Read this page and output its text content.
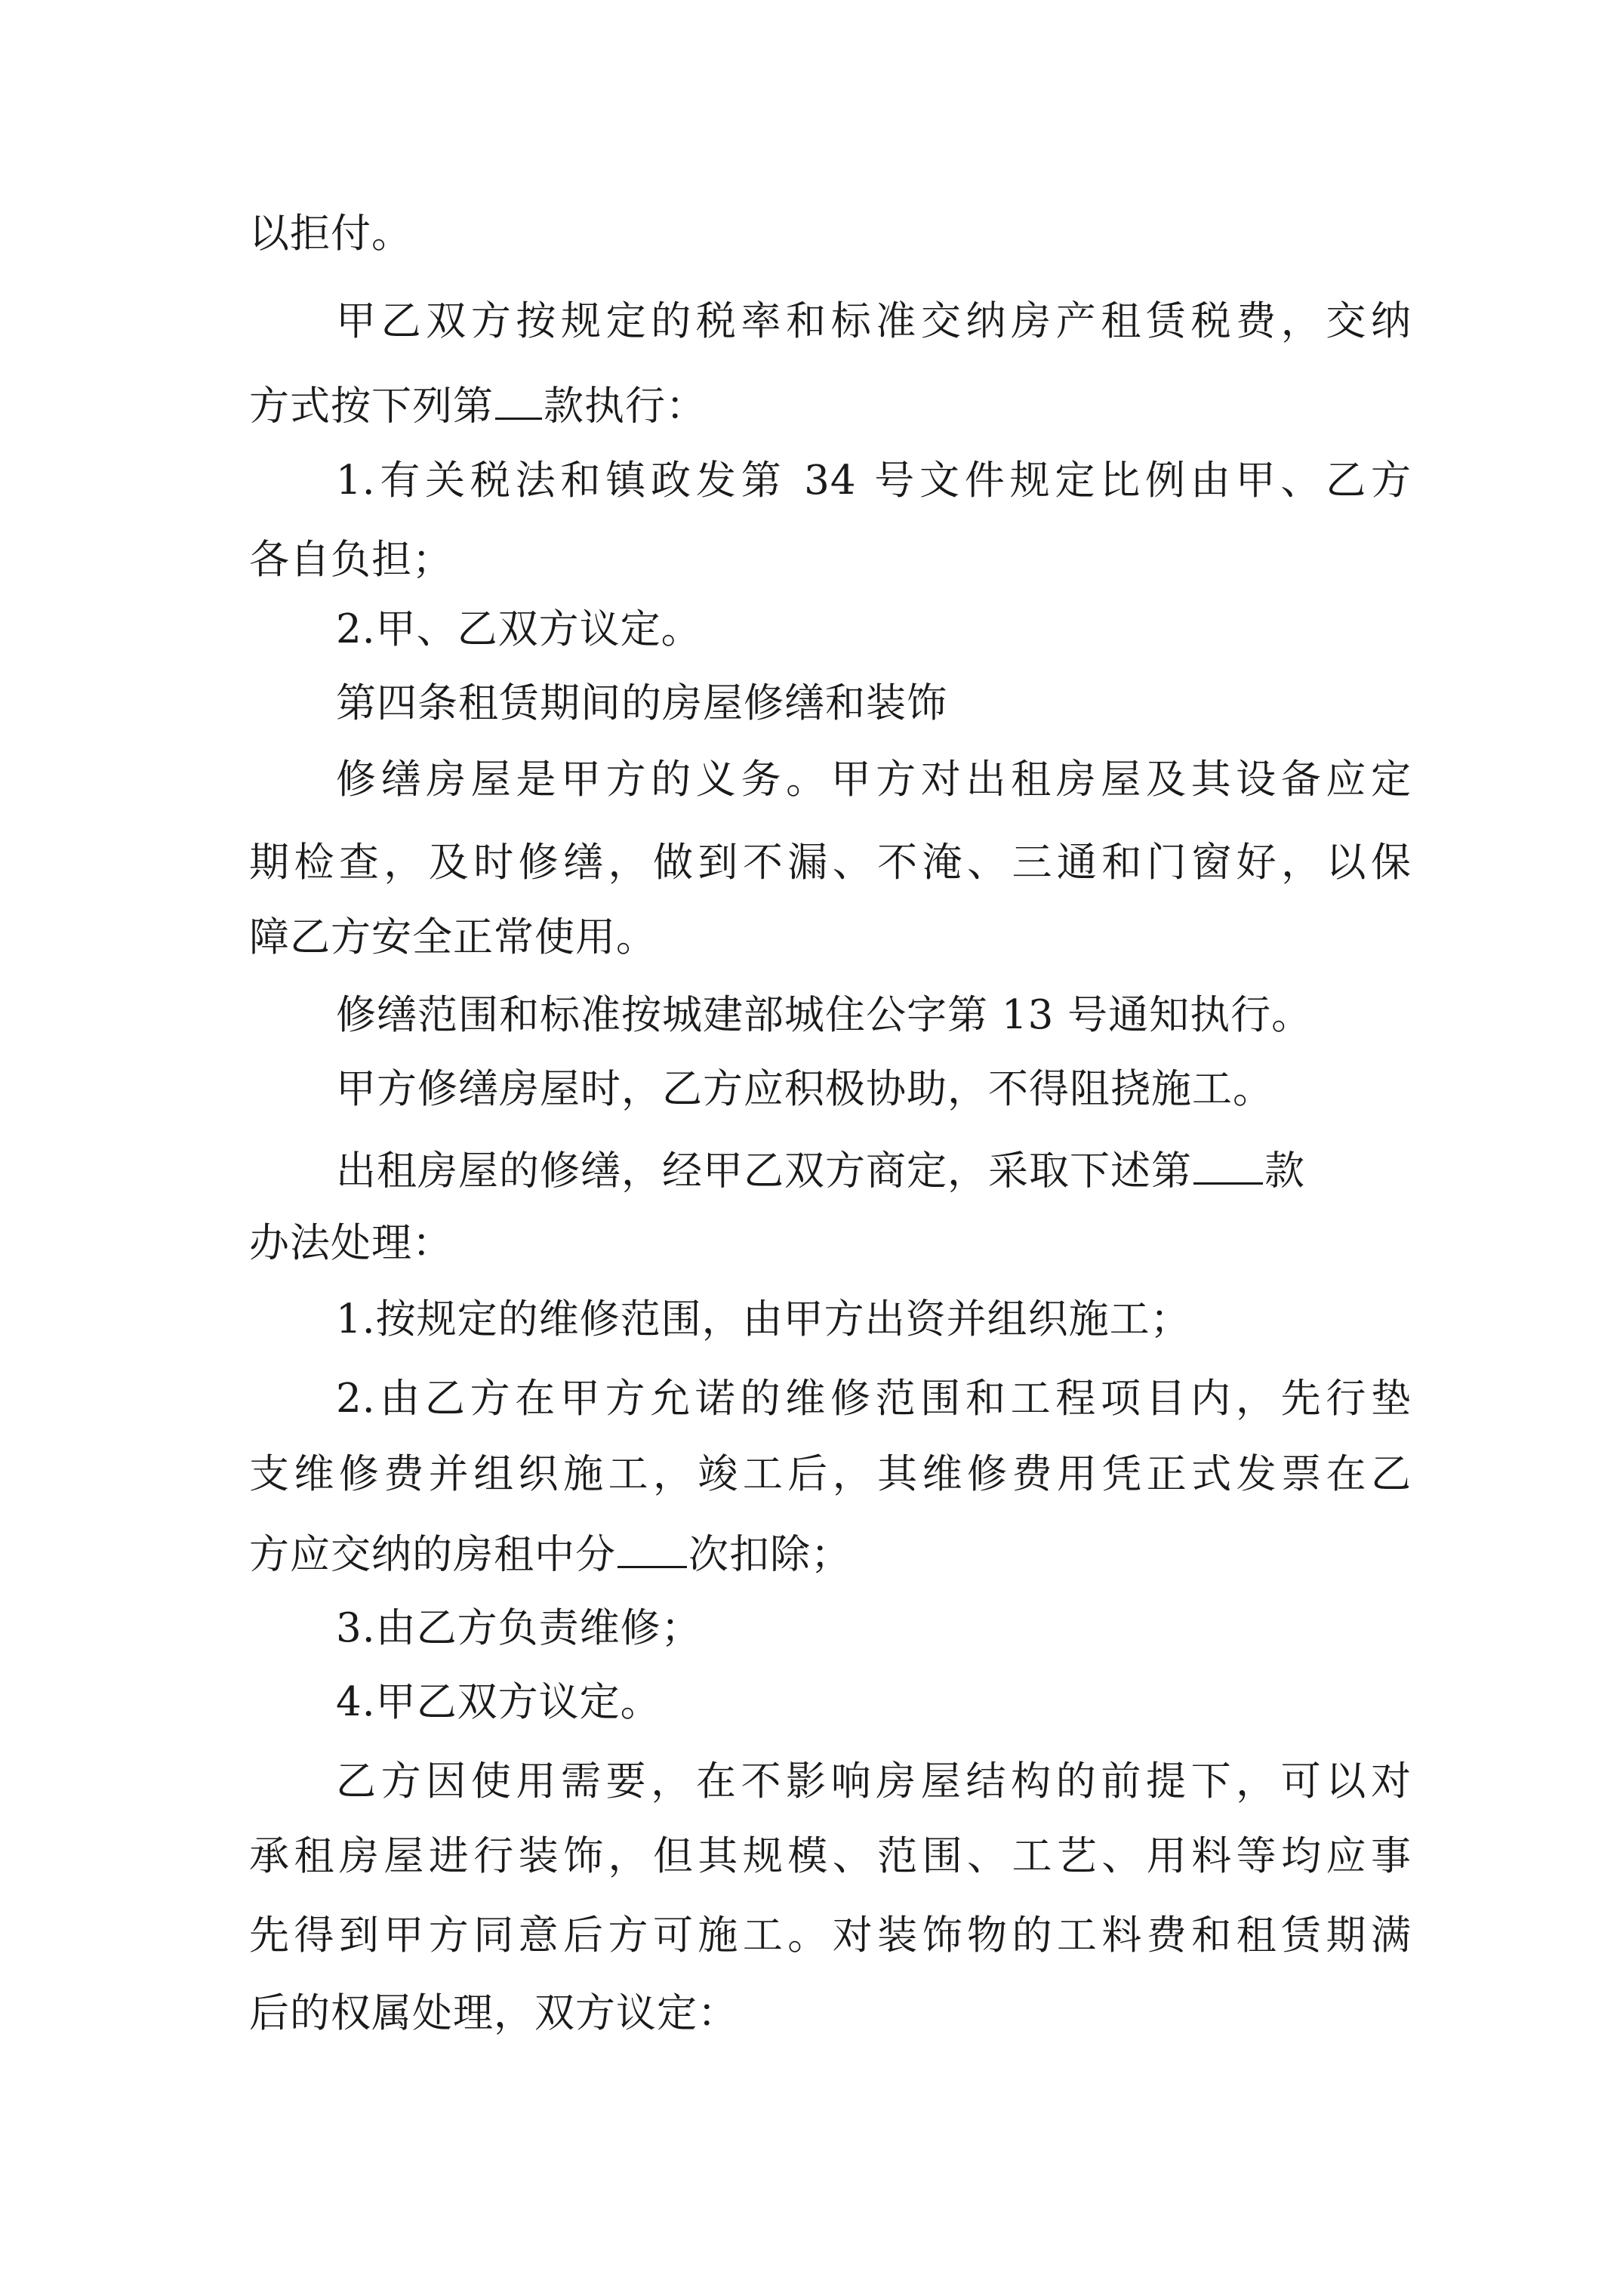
以拒付。
甲乙双方按规定的税率和标准交纳房产租赁税费，交纳
方式按下列第 款执行：
1.有关税法和镇政发第 34 号文件规定比例由甲、乙方
各自负担；
2.甲、乙双方议定。
第四条租赁期间的房屋修缮和装饰
修缮房屋是甲方的义务。甲方对出租房屋及其设备应定
期检查，及时修缮，做到不漏、不淹、三通和门窗好，以保
障乙方安全正常使用。
修缮范围和标准按城建部城住公字第 13 号通知执行。
甲方修缮房屋时，乙方应积极协助，不得阻挠施工。
出租房屋的修缮，经甲乙双方商定，采取下述第 款
办法处理：
1.按规定的维修范围，由甲方出资并组织施工；
2.由乙方在甲方允诺的维修范围和工程项目内，先行垫
支维修费并组织施工，竣工后，其维修费用凭正式发票在乙
方应交纳的房租中分 次扣除；
3.由乙方负责维修；
4.甲乙双方议定。
乙方因使用需要，在不影响房屋结构的前提下，可以对
承租房屋进行装饰，但其规模、范围、工艺、用料等均应事
先得到甲方同意后方可施工。对装饰物的工料费和租赁期满
后的权属处理，双方议定：
